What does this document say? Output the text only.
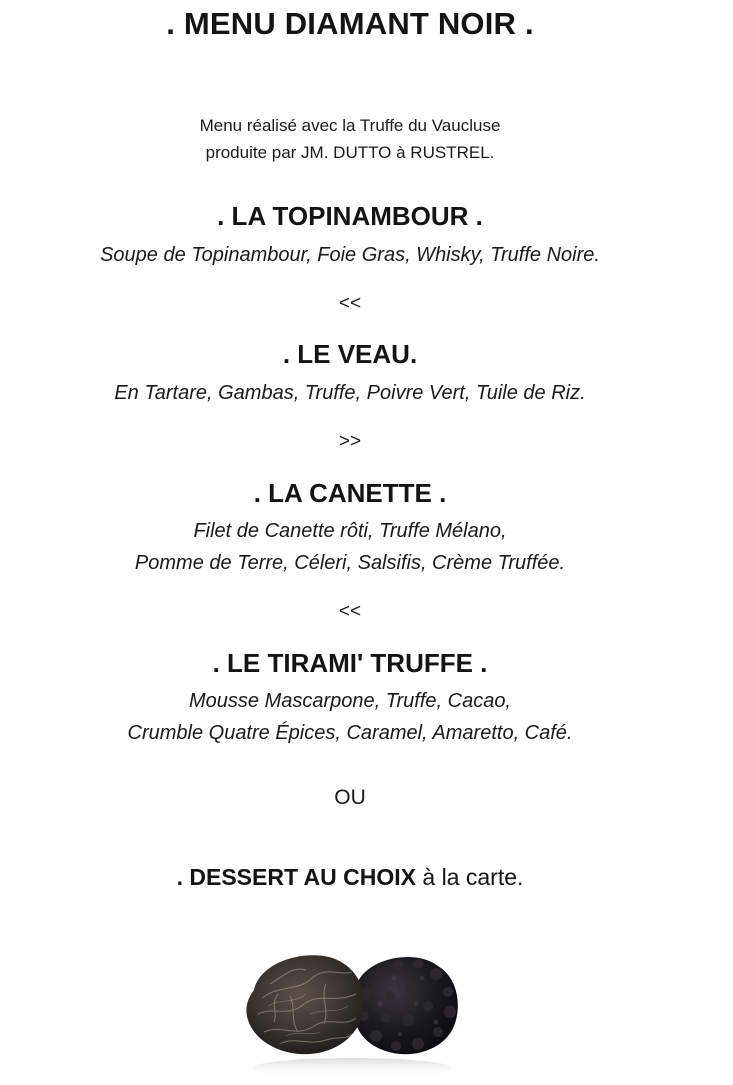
. MENU DIAMANT NOIR .
Menu réalisé avec la Truffe du Vaucluse
produite par JM. DUTTO à RUSTREL.
. LA TOPINAMBOUR .
Soupe de Topinambour, Foie Gras, Whisky, Truffe Noire.
<<
. LE VEAU.
En Tartare, Gambas, Truffe, Poivre Vert, Tuile de Riz.
>>
. LA CANETTE .
Filet de Canette rôti, Truffe Mélano,
Pomme de Terre, Céleri, Salsifis, Crème Truffée.
<<
. LE TIRAMI' TRUFFE .
Mousse Mascarpone, Truffe, Cacao,
Crumble Quatre Épices, Caramel, Amaretto, Café.
OU
. DESSERT AU CHOIX à la carte.
